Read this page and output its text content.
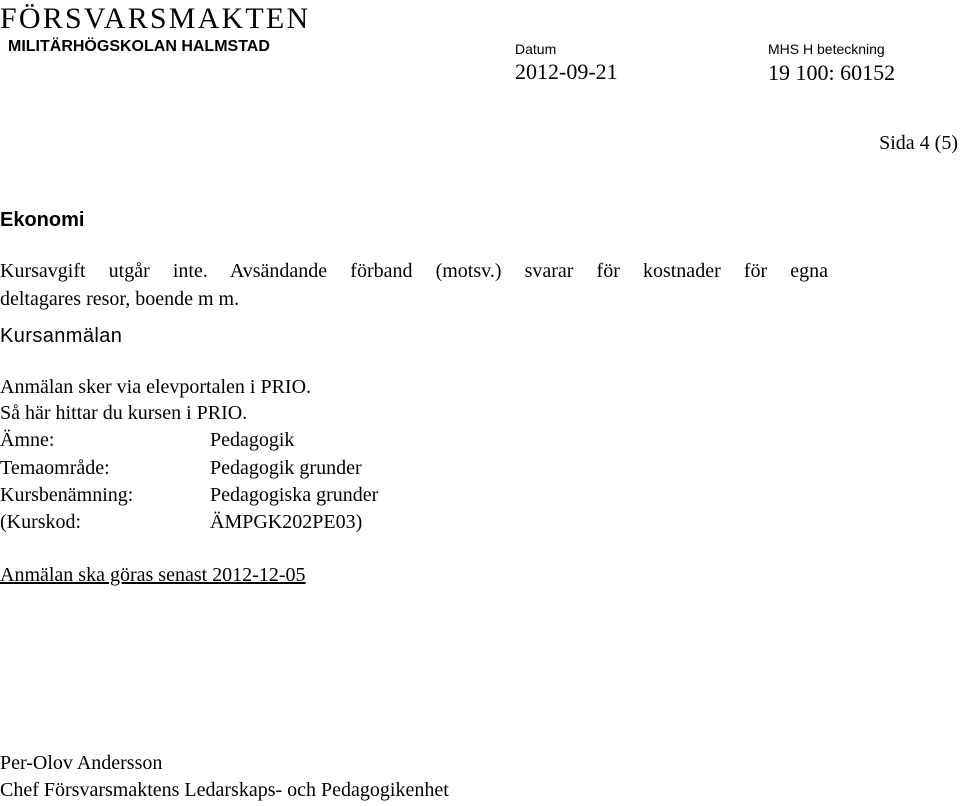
FÖRSVARSMAKTEN
MILITÄRHÖGSKOLAN HALMSTAD	Datum
2012-09-21
MHS H beteckning
19 100: 60152
Sida 4 (5)
Ekonomi
Kursavgift utgår inte. Avsändande förband (motsv.) svarar för kostnader för egna
deltagares resor, boende m m.
Kursanmälan
Anmälan sker via elevportalen i PRIO.
Så här hittar du kursen i PRIO.
Ämne:	Pedagogik
Temaområde:	Pedagogik grunder
Kursbenämning:	Pedagogiska grunder
(Kurskod:	ÄMPGK202PE03)
Anmälan ska göras senast 2012-12-05
Per-Olov Andersson
Chef Försvarsmaktens Ledarskaps- och Pedagogikenhet
